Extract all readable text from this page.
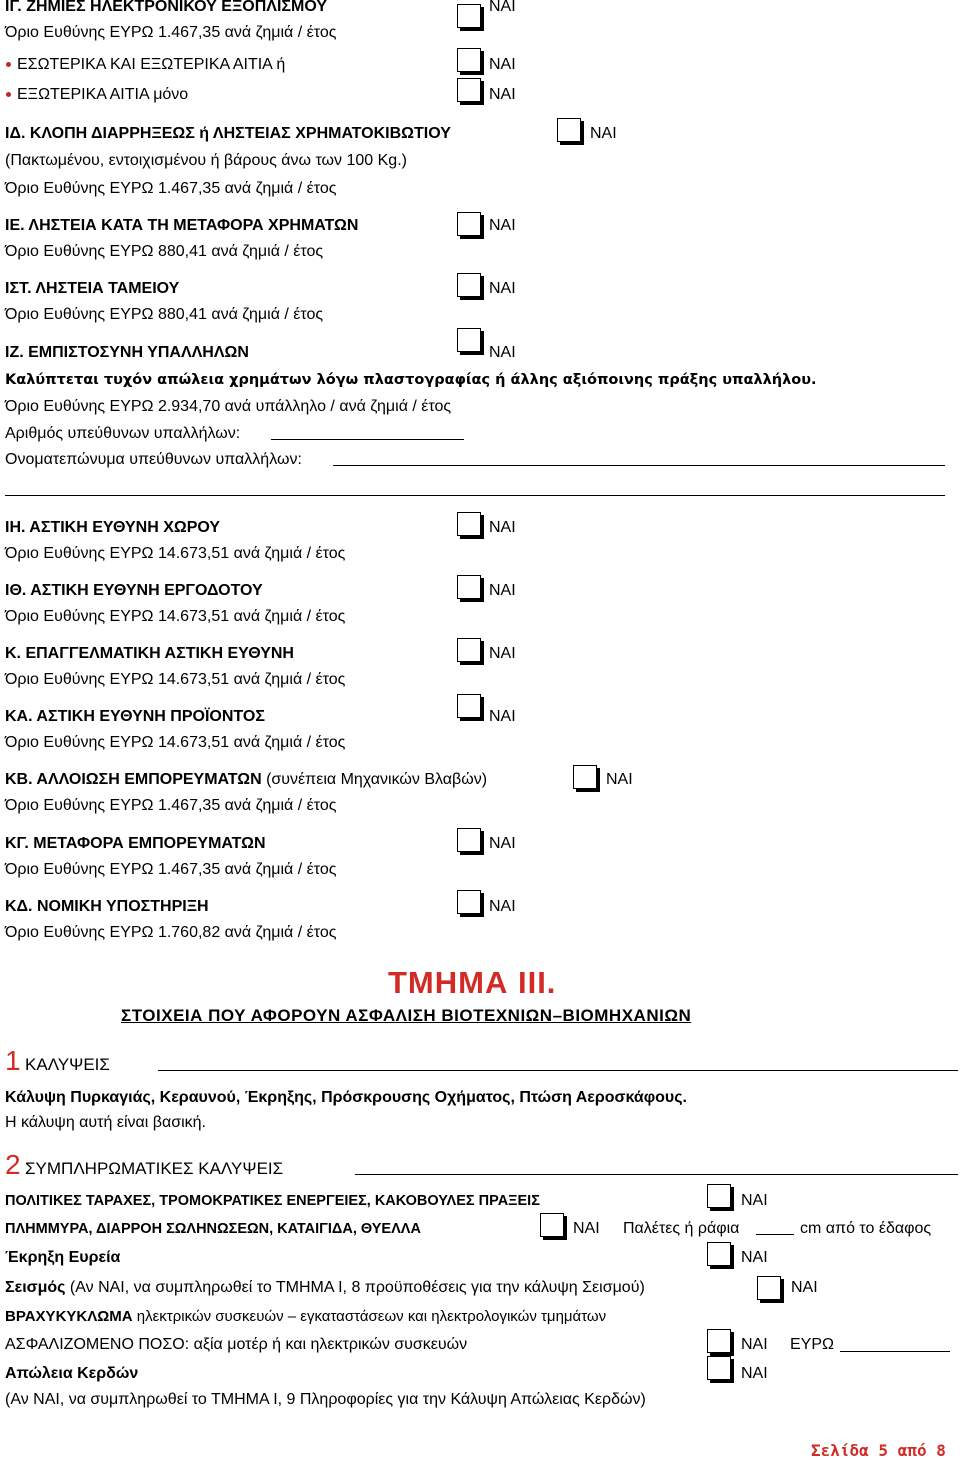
ΙΓ. ΖΗΜΙΕΣ ΗΛΕΚΤΡΟΝΙΚΟΥ ΕΞΟΠΛΙΣΜΟΥ	ΝΑΙ
Όριο Ευθύνης ΕΥΡΩ 1.467,35 ανά ζημιά / έτος
ΕΣΩΤΕΡΙΚΑ ΚΑΙ ΕΞΩΤΕΡΙΚΑ ΑΙΤΙΑ ή	ΝΑΙ
ΕΞΩΤΕΡΙΚΑ ΑΙΤΙΑ μόνο	ΝΑΙ
ΙΔ. ΚΛΟΠΗ ΔΙΑΡΡΗΞΕΩΣ ή ΛΗΣΤΕΙΑΣ ΧΡΗΜΑΤΟΚΙΒΩΤΙΟΥ	ΝΑΙ
(Πακτωμένου, εντοιχισμένου ή βάρους άνω των 100 Kg.)
Όριο Ευθύνης ΕΥΡΩ 1.467,35 ανά ζημιά / έτος
ΙΕ. ΛΗΣΤΕΙΑ ΚΑΤΑ ΤΗ ΜΕΤΑΦΟΡΑ ΧΡΗΜΑΤΩΝ	ΝΑΙ
Όριο Ευθύνης ΕΥΡΩ 880,41 ανά ζημιά / έτος
ΙΣΤ. ΛΗΣΤΕΙΑ ΤΑΜΕΙΟΥ	ΝΑΙ
Όριο Ευθύνης ΕΥΡΩ 880,41 ανά ζημιά / έτος
ΙΖ. ΕΜΠΙΣΤΟΣΥΝΗ ΥΠΑΛΛΗΛΩΝ	ΝΑΙ
Καλύπτεται τυχόν απώλεια χρημάτων λόγω πλαστογραφίας ή άλλης αξιόποινης πράξης υπαλλήλου.
Όριο Ευθύνης ΕΥΡΩ 2.934,70 ανά υπάλληλο / ανά ζημιά / έτος
Αριθμός υπεύθυνων υπαλλήλων:
Ονοματεπώνυμα υπεύθυνων υπαλλήλων:
ΙΗ. ΑΣΤΙΚΗ ΕΥΘΥΝΗ ΧΩΡΟΥ	ΝΑΙ
Όριο Ευθύνης ΕΥΡΩ 14.673,51 ανά ζημιά / έτος
ΙΘ. ΑΣΤΙΚΗ ΕΥΘΥΝΗ ΕΡΓΟΔΟΤΟΥ	ΝΑΙ
Όριο Ευθύνης ΕΥΡΩ 14.673,51 ανά ζημιά / έτος
Κ. ΕΠΑΓΓΕΛΜΑΤΙΚΗ ΑΣΤΙΚΗ ΕΥΘΥΝΗ	ΝΑΙ
Όριο Ευθύνης ΕΥΡΩ 14.673,51 ανά ζημιά / έτος
ΚΑ. ΑΣΤΙΚΗ ΕΥΘΥΝΗ ΠΡΟΪΟΝΤΟΣ	ΝΑΙ
Όριο Ευθύνης ΕΥΡΩ 14.673,51 ανά ζημιά / έτος
ΚΒ. ΑΛΛΟΙΩΣΗ ΕΜΠΟΡΕΥΜΑΤΩΝ (συνέπεια Μηχανικών Βλαβών)	ΝΑΙ
Όριο Ευθύνης ΕΥΡΩ 1.467,35 ανά ζημιά / έτος
ΚΓ. ΜΕΤΑΦΟΡΑ ΕΜΠΟΡΕΥΜΑΤΩΝ	ΝΑΙ
Όριο Ευθύνης ΕΥΡΩ 1.467,35 ανά ζημιά / έτος
ΚΔ. ΝΟΜΙΚΗ ΥΠΟΣΤΗΡΙΞΗ	ΝΑΙ
Όριο Ευθύνης ΕΥΡΩ 1.760,82 ανά ζημιά / έτος
ΤΜΗΜΑ ΙΙΙ.
ΣΤΟΙΧΕΙΑ ΠΟΥ ΑΦΟΡΟΥΝ ΑΣΦΑΛΙΣΗ ΒΙΟΤΕΧΝΙΩΝ–ΒΙΟΜΗΧΑΝΙΩΝ
1 ΚΑΛΥΨΕΙΣ
Κάλυψη Πυρκαγιάς, Κεραυνού, Έκρηξης, Πρόσκρουσης Οχήματος, Πτώση Αεροσκάφους.
Η κάλυψη αυτή είναι βασική.
2 ΣΥΜΠΛΗΡΩΜΑΤΙΚΕΣ ΚΑΛΥΨΕΙΣ
ΠΟΛΙΤΙΚΕΣ ΤΑΡΑΧΕΣ, ΤΡΟΜΟΚΡΑΤΙΚΕΣ ΕΝΕΡΓΕΙΕΣ, ΚΑΚΟΒΟΥΛΕΣ ΠΡΑΞΕΙΣ	ΝΑΙ
ΠΛΗΜΜΥΡΑ, ΔΙΑΡΡΟΗ ΣΩΛΗΝΩΣΕΩΝ, ΚΑΤΑΙΓΙΔΑ, ΘΥΕΛΛΑ	ΝΑΙ Παλέτες ή ράφια	cm από το έδαφος
Έκρηξη Ευρεία	ΝΑΙ
Σεισμός (Αν ΝΑΙ, να συμπληρωθεί το ΤΜΗΜΑ Ι, 8 προϋποθέσεις για την κάλυψη Σεισμού)	ΝΑΙ
ΒΡΑΧΥΚΥΚΛΩΜΑ ηλεκτρικών συσκευών – εγκαταστάσεων και ηλεκτρολογικών τμημάτων
ΑΣΦΑΛΙΖΟΜΕΝΟ ΠΟΣΟ: αξία μοτέρ ή και ηλεκτρικών συσκευών	ΝΑΙ ΕΥΡΩ
Απώλεια Κερδών	ΝΑΙ
(Αν ΝΑΙ, να συμπληρωθεί το ΤΜΗΜΑ Ι, 9 Πληροφορίες για την Κάλυψη Απώλειας Κερδών)
Σελίδα 5 από 8
